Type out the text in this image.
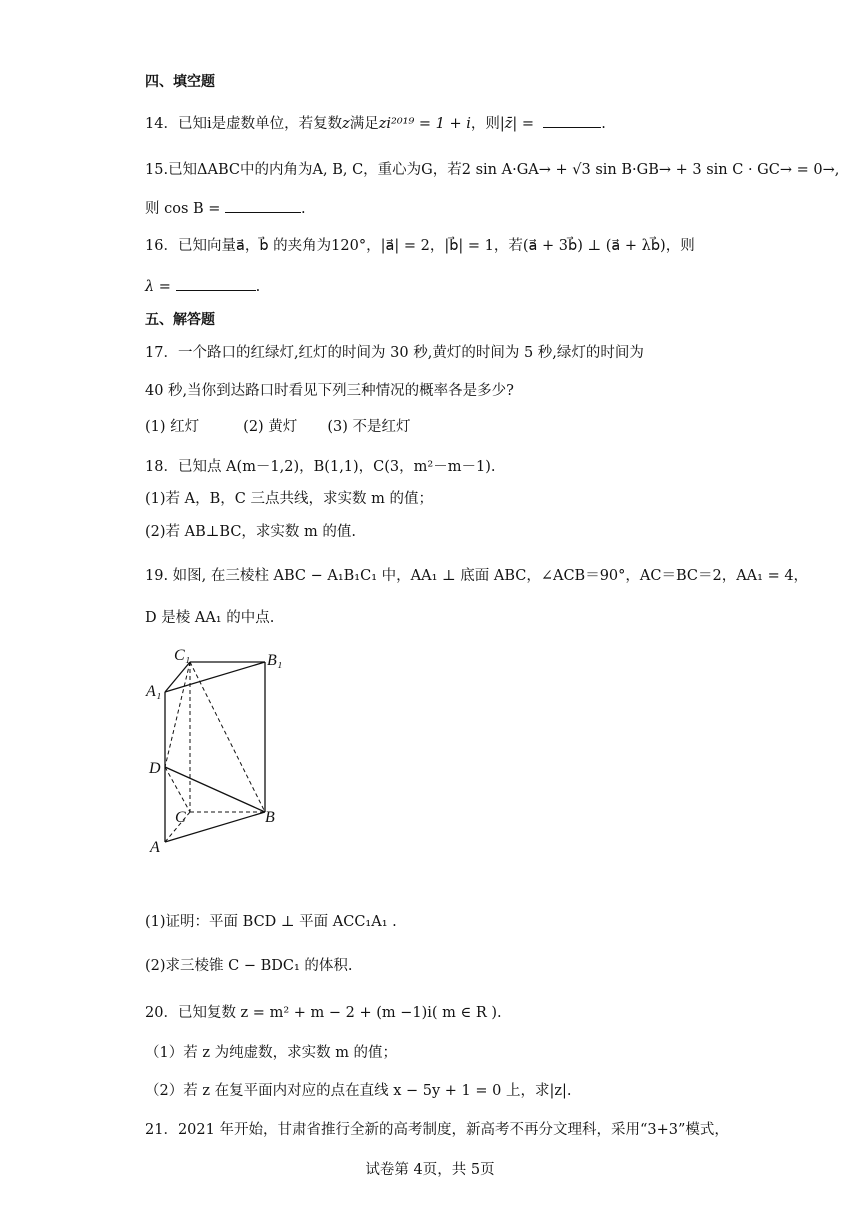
四、填空题
14．已知i是虚数单位，若复数z满足zi²⁰¹⁹ = 1 + i，则|z̄| =	.
15.已知ΔABC中的内角为A, B, C，重心为G，若2 sin A·GA→ + √3 sin B·GB→ + 3 sin C · GC→ = 0→,
则 cos B =	.
16．已知向量a⃗，b⃗ 的夹角为120°，|a⃗| = 2，|b⃗| = 1，若(a⃗ + 3b⃗) ⊥ (a⃗ + λb⃗)，则
λ =	.
五、解答题
17．一个路口的红绿灯,红灯的时间为 30 秒,黄灯的时间为 5 秒,绿灯的时间为
40 秒,当你到达路口时看见下列三种情况的概率各是多少?
(1) 红灯	(2) 黄灯 (3) 不是红灯
18．已知点 A(m－1,2)，B(1,1)，C(3，m²－m－1).
(1)若 A，B，C 三点共线，求实数 m 的值；
(2)若 AB⊥BC，求实数 m 的值.
19. 如图, 在三棱柱 ABC − A₁B₁C₁ 中，AA₁ ⊥ 底面 ABC，∠ACB＝90°，AC＝BC＝2，AA₁ = 4，
D 是棱 AA₁ 的中点.
C₁	B₁
A₁
D
C	B
A
(1)证明：平面 BCD ⊥ 平面 ACC₁A₁ .
(2)求三棱锥 C − BDC₁ 的体积.
20．已知复数 z = m² + m − 2 + (m −1)i( m ∈ R ).
（1）若 z 为纯虚数，求实数 m 的值；
（2）若 z 在复平面内对应的点在直线 x − 5y + 1 = 0 上，求|z|.
21．2021 年开始，甘肃省推行全新的高考制度，新高考不再分文理科，采用“3+3”模式，
试卷第 4页，共 5页
